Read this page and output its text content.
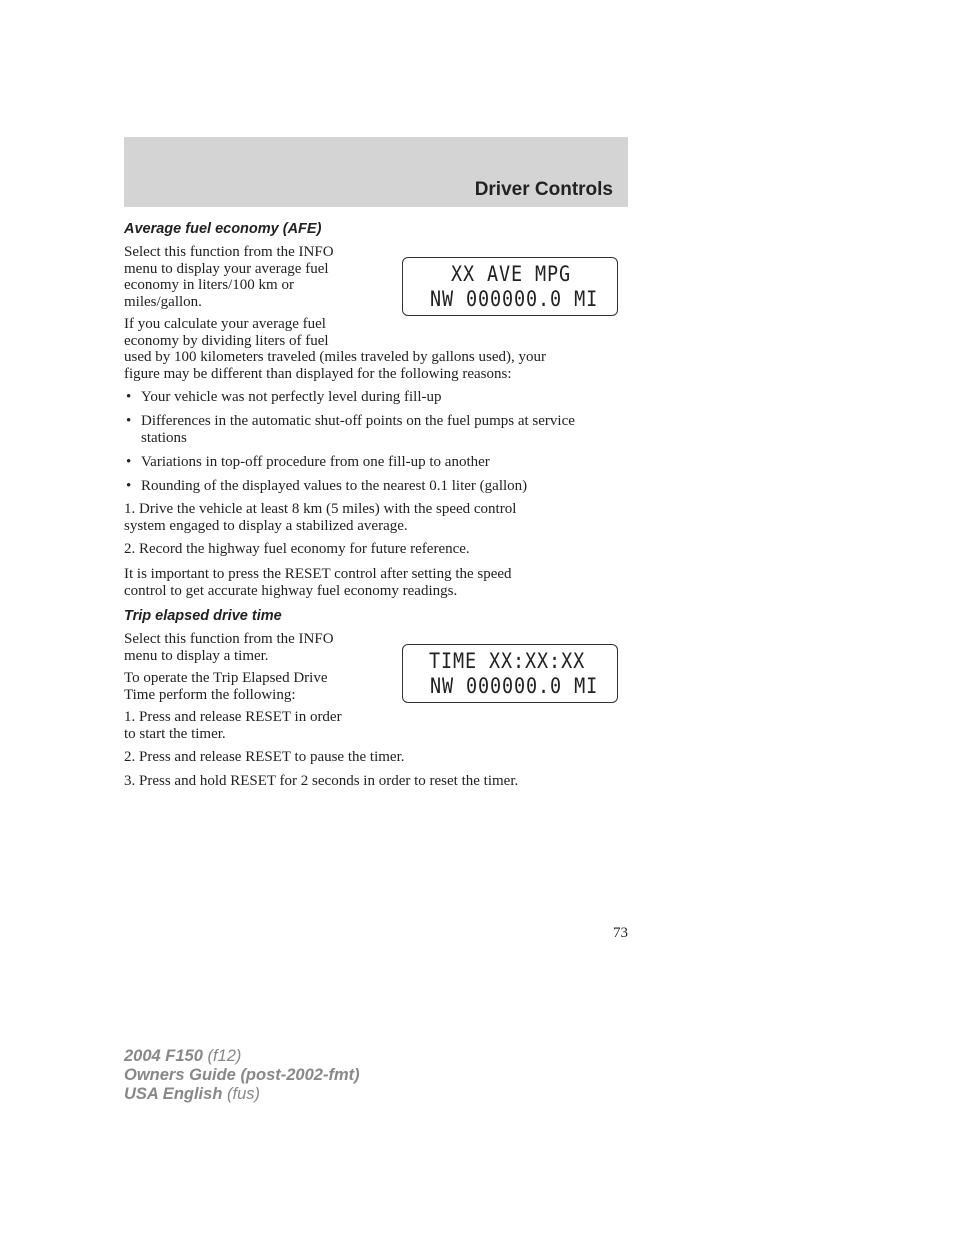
Driver Controls
Average fuel economy (AFE)

Select this function from the INFO
menu to display your average fuel
economy in liters/100 km or
miles/gallon.

If you calculate your average fuel
economy by dividing liters of fuel

used by 100 kilometers traveled (miles traveled by gallons used), your
figure may be different than displayed for the following reasons:

XX AVE MPG
NW 000000.0 MI
• Your vehicle was not perfectly level during fill-up
• Differences in the automatic shut-off points on the fuel pumps at service stations
• Variations in top-off procedure from one fill-up to another
• Rounding of the displayed values to the nearest 0.1 liter (gallon)

1. Drive the vehicle at least 8 km (5 miles) with the speed control
system engaged to display a stabilized average.

2. Record the highway fuel economy for future reference.

It is important to press the RESET control after setting the speed
control to get accurate highway fuel economy readings.

Trip elapsed drive time

Select this function from the INFO
menu to display a timer.

To operate the Trip Elapsed Drive
Time perform the following:

1. Press and release RESET in order
to start the timer.

2. Press and release RESET to pause the timer.

3. Press and hold RESET for 2 seconds in order to reset the timer.

TIME XX:XX:XX
NW 000000.0 MI
73
2004 F150 (f12)
Owners Guide (post-2002-fmt)
USA English (fus)
